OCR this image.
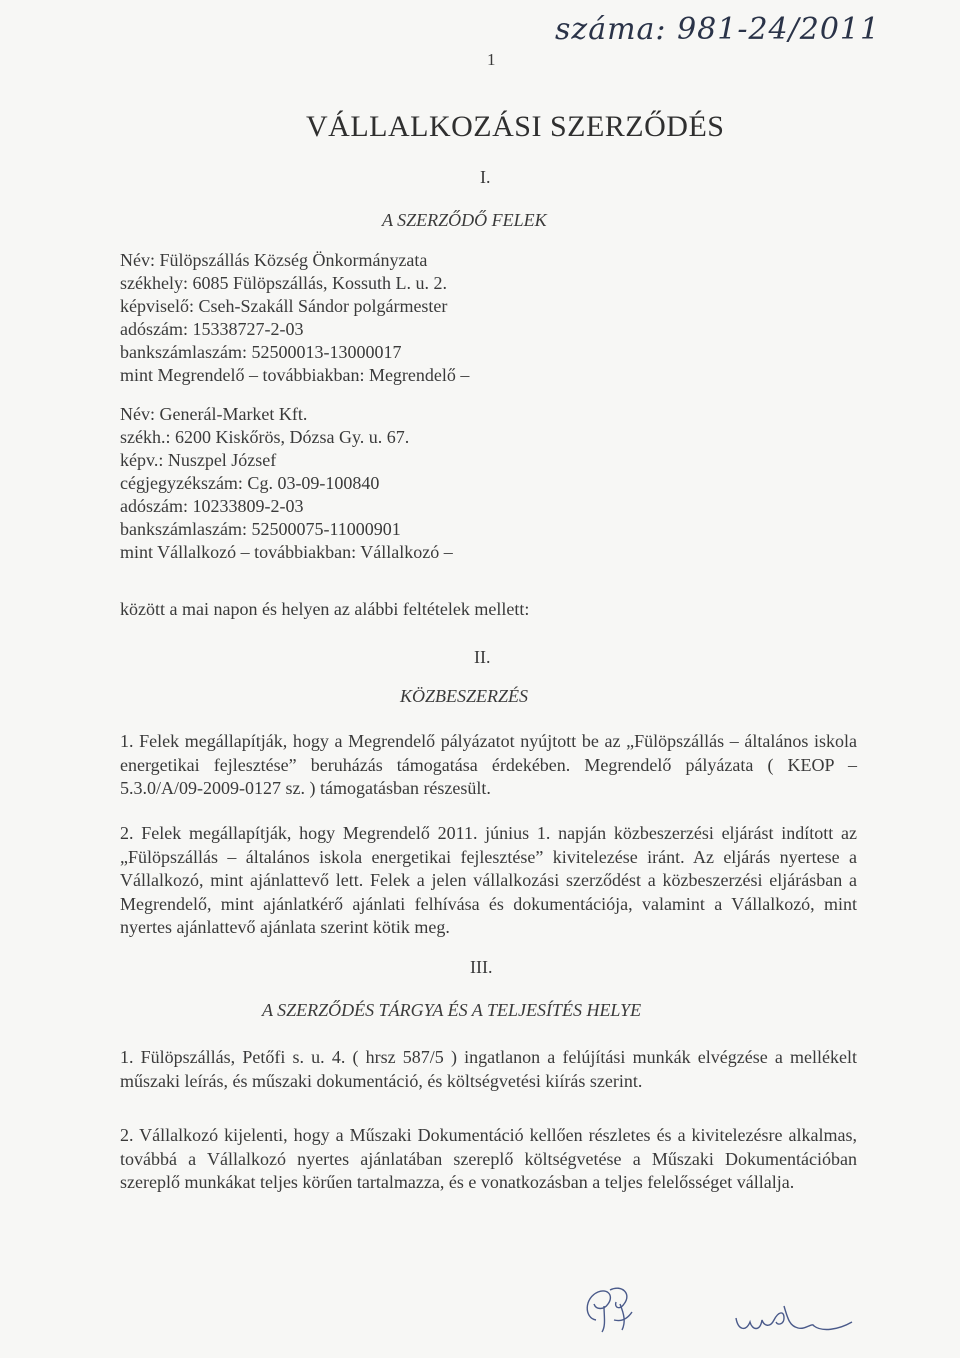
száma: 981-24/2011
1
VÁLLALKOZÁSI SZERZŐDÉS
I.
A SZERZŐDŐ FELEK
Név: Fülöpszállás Község Önkormányzata
székhely: 6085 Fülöpszállás, Kossuth L. u. 2.
képviselő: Cseh-Szakáll Sándor polgármester
adószám: 15338727-2-03
bankszámlaszám: 52500013-13000017
mint Megrendelő – továbbiakban: Megrendelő –
Név: Generál-Market Kft.
székh.: 6200 Kiskőrös, Dózsa Gy. u. 67.
képv.: Nuszpel József
cégjegyzékszám: Cg. 03-09-100840
adószám: 10233809-2-03
bankszámlaszám: 52500075-11000901
mint Vállalkozó – továbbiakban: Vállalkozó –
között a mai napon és helyen az alábbi feltételek mellett:
II.
KÖZBESZERZÉS
1. Felek megállapítják, hogy a Megrendelő pályázatot nyújtott be az „Fülöpszállás – általános iskola energetikai fejlesztése” beruházás támogatása érdekében. Megrendelő pályázata ( KEOP – 5.3.0/A/09-2009-0127 sz. ) támogatásban részesült.
2. Felek megállapítják, hogy Megrendelő 2011. június 1. napján közbeszerzési eljárást indított az „Fülöpszállás – általános iskola energetikai fejlesztése” kivitelezése iránt. Az eljárás nyertese a Vállalkozó, mint ajánlattevő lett. Felek a jelen vállalkozási szerződést a közbeszerzési eljárásban a Megrendelő, mint ajánlatkérő ajánlati felhívása és dokumentációja, valamint a Vállalkozó, mint nyertes ajánlattevő ajánlata szerint kötik meg.
III.
A SZERZŐDÉS TÁRGYA ÉS A TELJESÍTÉS HELYE
1. Fülöpszállás, Petőfi s. u. 4. ( hrsz 587/5 ) ingatlanon a felújítási munkák elvégzése a mellékelt műszaki leírás, és műszaki dokumentáció, és költségvetési kiírás szerint.
2. Vállalkozó kijelenti, hogy a Műszaki Dokumentáció kellően részletes és a kivitelezésre alkalmas, továbbá a Vállalkozó nyertes ajánlatában szereplő költségvetése a Műszaki Dokumentációban szereplő munkákat teljes körűen tartalmazza, és e vonatkozásban a teljes felelősséget vállalja.
